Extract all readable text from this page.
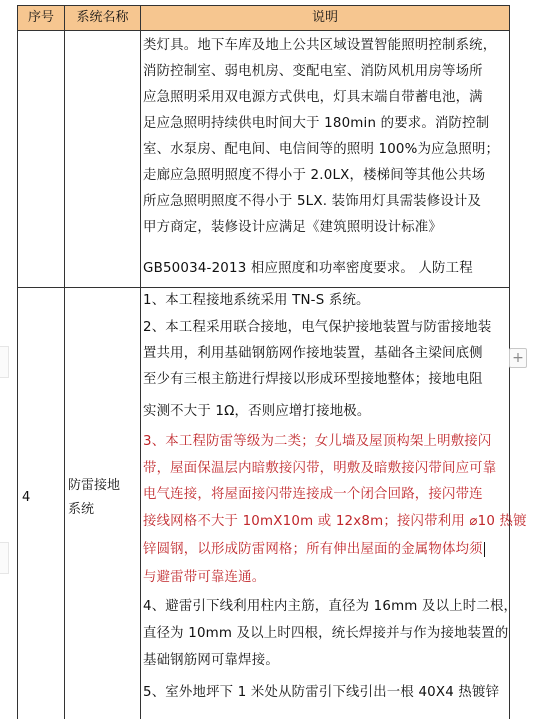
序号	系统名称	说明
类灯具。地下车库及地上公共区域设置智能照明控制系统，
消防控制室、弱电机房、变配电室、消防风机用房等场所
应急照明采用双电源方式供电，灯具末端自带蓄电池，满
足应急照明持续供电时间大于 180min 的要求。消防控制
室、水泵房、配电间、电信间等的照明 100%为应急照明；
走廊应急照明照度不得小于 2.0LX，楼梯间等其他公共场
所应急照明照度不得小于 5LX. 装饰用灯具需装修设计及
甲方商定，装修设计应满足《建筑照明设计标准》
GB50034-2013 相应照度和功率密度要求。 人防工程
4
防雷接地系统
1、本工程接地系统采用 TN-S 系统。
2、本工程采用联合接地，电气保护接地装置与防雷接地装
置共用，利用基础钢筋网作接地装置，基础各主梁间底侧
至少有三根主筋进行焊接以形成环型接地整体；接地电阻
实测不大于 1Ω，否则应增打接地极。
3、本工程防雷等级为二类；女儿墙及屋顶构架上明敷接闪
带，屋面保温层内暗敷接闪带，明敷及暗敷接闪带间应可靠
电气连接，将屋面接闪带连接成一个闭合回路，接闪带连
接线网格不大于 10mX10m 或 12x8m；接闪带利用 ⌀10 热镀
锌圆钢，以形成防雷网格；所有伸出屋面的金属物体均须
与避雷带可靠连通。
4、避雷引下线利用柱内主筋，直径为 16mm 及以上时二根，
直径为 10mm 及以上时四根，统长焊接并与作为接地装置的
基础钢筋网可靠焊接。
5、室外地坪下 1 米处从防雷引下线引出一根 40X4 热镀锌
+
